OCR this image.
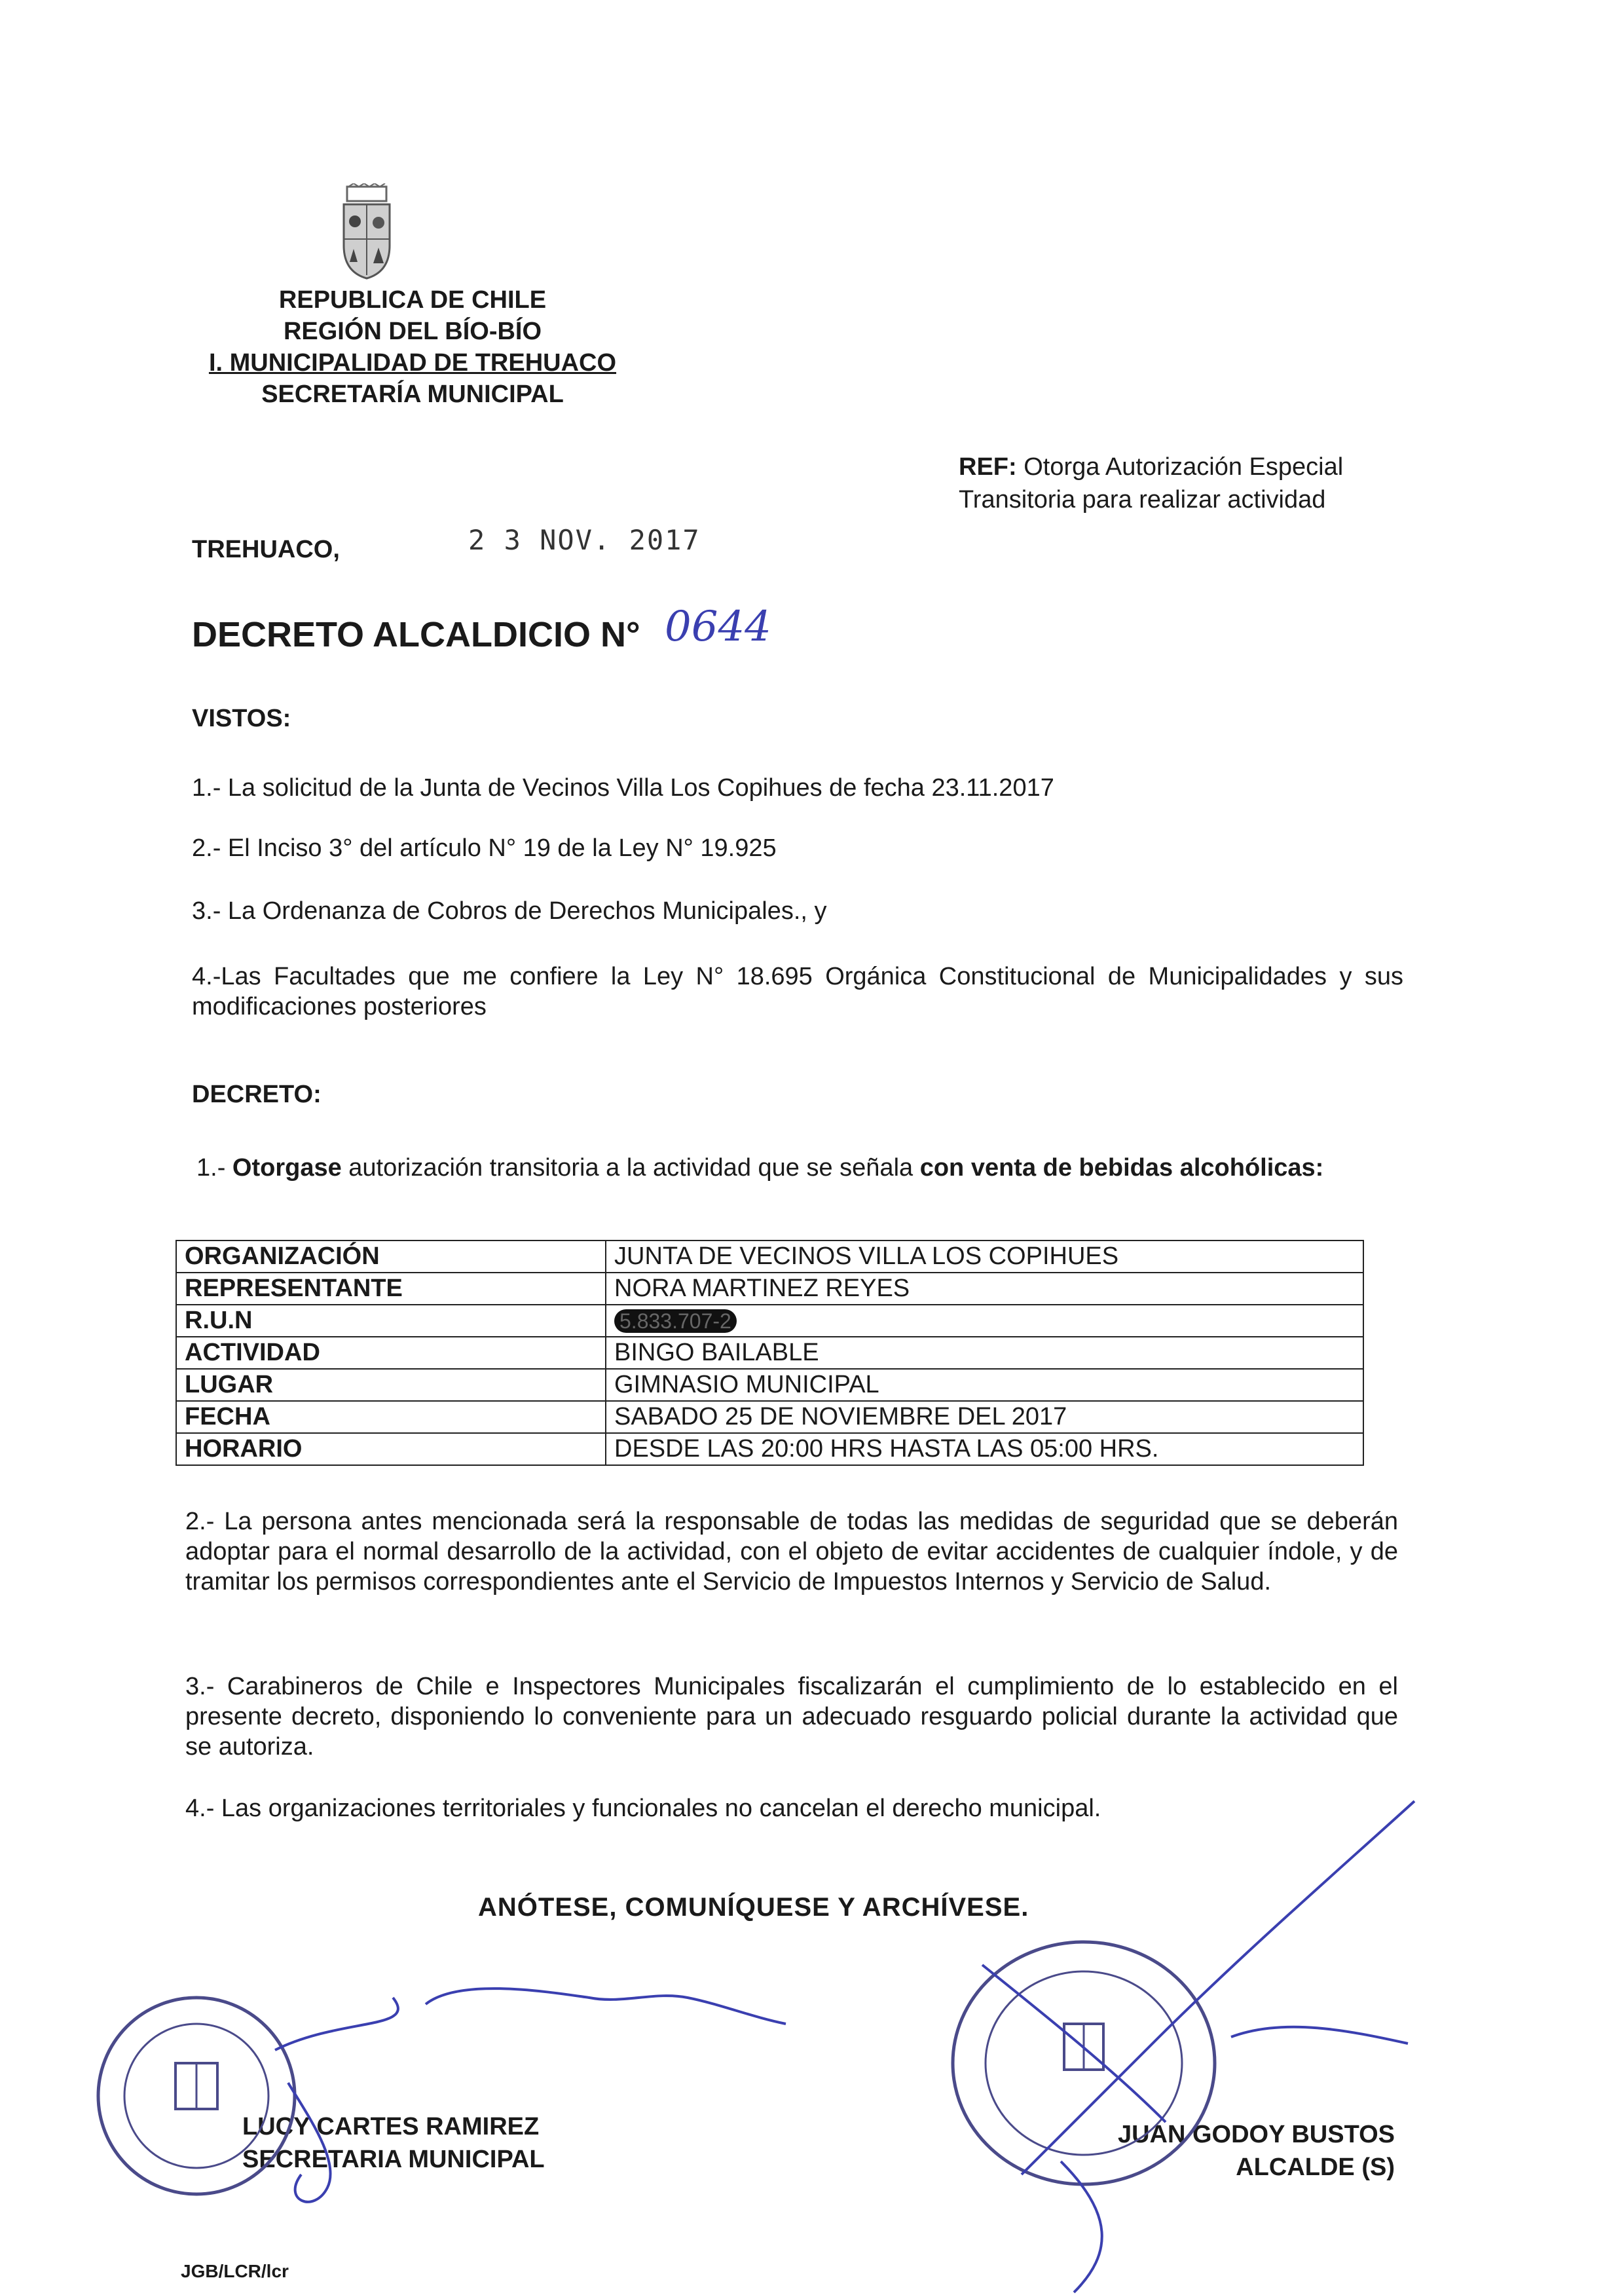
REPUBLICA DE CHILE
REGIÓN DEL BÍO-BÍO
I. MUNICIPALIDAD DE TREHUACO
SECRETARÍA MUNICIPAL
REF: Otorga Autorización Especial Transitoria para realizar actividad
TREHUACO,	2 3 NOV. 2017
DECRETO ALCALDICIO N° 0644
VISTOS:
1.- La solicitud de la Junta de Vecinos Villa Los Copihues de fecha 23.11.2017
2.- El Inciso 3° del artículo N° 19 de la Ley N° 19.925
3.- La Ordenanza de Cobros de Derechos Municipales., y
4.-Las Facultades que me confiere la Ley N° 18.695 Orgánica Constitucional de Municipalidades y sus modificaciones posteriores
DECRETO:
1.- Otorgase autorización transitoria a la actividad que se señala con venta de bebidas alcohólicas:
ORGANIZACIÓN	JUNTA DE VECINOS VILLA LOS COPIHUES
REPRESENTANTE	NORA MARTINEZ REYES
R.U.N	5.833.707-2
ACTIVIDAD	BINGO BAILABLE
LUGAR	GIMNASIO MUNICIPAL
FECHA	SABADO 25 DE NOVIEMBRE DEL 2017
HORARIO	DESDE LAS 20:00 HRS HASTA LAS 05:00 HRS.
2.- La persona antes mencionada será la responsable de todas las medidas de seguridad que se deberán adoptar para el normal desarrollo de la actividad, con el objeto de evitar accidentes de cualquier índole, y de tramitar los permisos correspondientes ante el Servicio de Impuestos Internos y Servicio de Salud.
3.- Carabineros de Chile e Inspectores Municipales fiscalizarán el cumplimiento de lo establecido en el presente decreto, disponiendo lo conveniente para un adecuado resguardo policial durante la actividad que se autoriza.
4.- Las organizaciones territoriales y funcionales no cancelan el derecho municipal.
ANÓTESE, COMUNÍQUESE Y ARCHÍVESE.
LUCY CARTES RAMIREZ
SECRETARIA MUNICIPAL
JUAN GODOY BUSTOS
ALCALDE (S)
JGB/LCR/lcr
